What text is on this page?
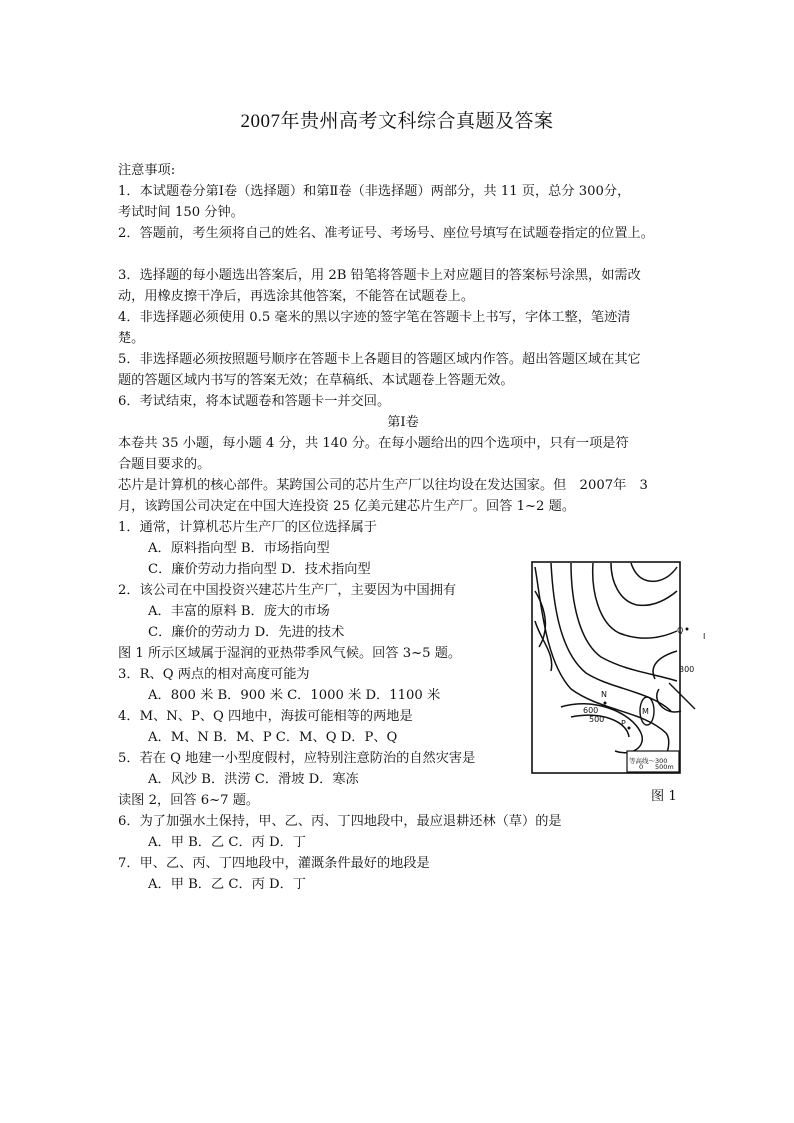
2007年贵州高考文科综合真题及答案
注意事项:
1．本试题卷分第Ⅰ卷（选择题）和第Ⅱ卷（非选择题）两部分，共 11 页，总分 300分，
考试时间 150 分钟。
2．答题前，考生须将自己的姓名、准考证号、考场号、座位号填写在试题卷指定的位置上。
3．选择题的每小题选出答案后，用 2B 铅笔将答题卡上对应题目的答案标号涂黑，如需改
动，用橡皮擦干净后，再选涂其他答案，不能答在试题卷上。
4．非选择题必须使用 0.5 毫米的黑以字迹的签字笔在答题卡上书写，字体工整，笔迹清
楚。
5．非选择题必须按照题号顺序在答题卡上各题目的答题区域内作答。超出答题区域在其它
题的答题区域内书写的答案无效；在草稿纸、本试题卷上答题无效。
6．考试结束，将本试题卷和答题卡一并交回。
第Ⅰ卷
本卷共 35 小题，每小题 4 分，共 140 分。在每小题给出的四个选项中，只有一项是符
合题目要求的。
芯片是计算机的核心部件。某跨国公司的芯片生产厂以往均设在发达国家。但　2007年　3
月，该跨国公司决定在中国大连投资 25 亿美元建芯片生产厂。回答 1~2 题。
1．通常，计算机芯片生产厂的区位选择属于
A．原料指向型 B．市场指向型
C．廉价劳动力指向型 D．技术指向型
2．该公司在中国投资兴建芯片生产厂，主要因为中国拥有
A．丰富的原料 B．庞大的市场
C．廉价的劳动力 D．先进的技术
图 1 所示区域属于湿润的亚热带季风气候。回答 3~5 题。
3．R、Q 两点的相对高度可能为
A．800 米 B．900 米 C．1000 米 D．1100 米
4．M、N、P、Q 四地中，海拔可能相等的两地是
A．M、N B．M、P C．M、Q D．P、Q
5．若在 Q 地建一小型度假村，应特别注意防治的自然灾害是
A．风沙 B．洪涝 C．滑坡 D．寒冻
读图 2，回答 6~7 题。
6．为了加强水土保持，甲、乙、丙、丁四地段中，最应退耕还林（草）的是
A．甲 B．乙 C．丙 D．丁
7．甲、乙、丙、丁四地段中，灌溉条件最好的地段是
A．甲 B．乙 C．丙 D．丁
Q
I
N
M
P
300
600
500
等高线～300
0 500m
图 1
